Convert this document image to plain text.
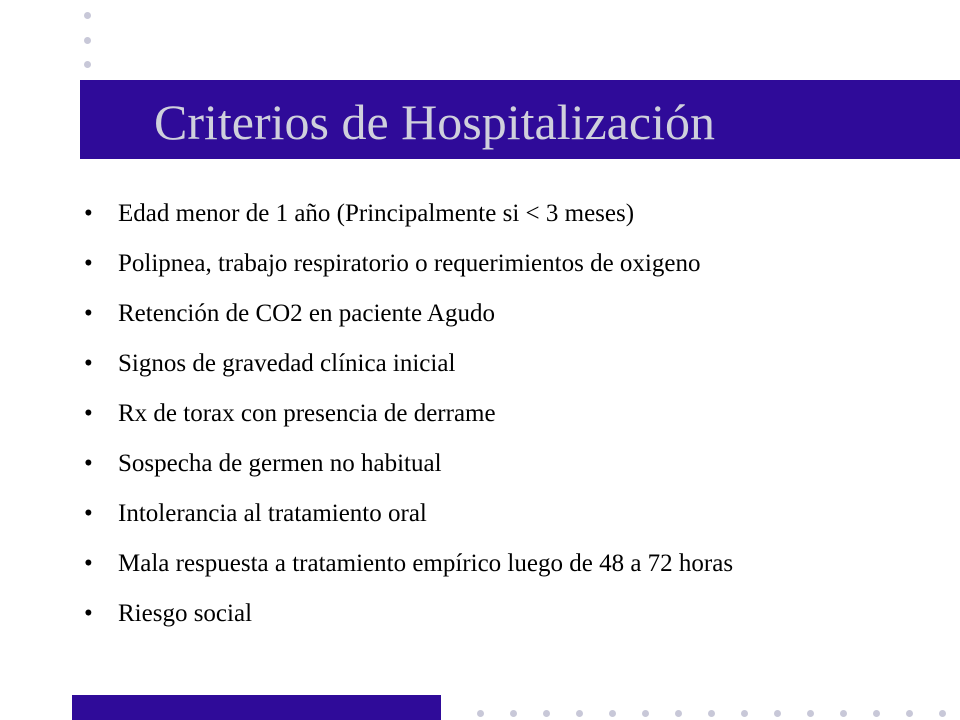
Criterios de Hospitalización
• Edad menor de 1 año (Principalmente si < 3 meses)
• Polipnea, trabajo respiratorio o requerimientos de oxigeno
• Retención de CO2 en paciente Agudo
• Signos de gravedad clínica inicial
• Rx de torax con presencia de derrame
• Sospecha de germen no habitual
• Intolerancia al tratamiento oral
• Mala respuesta a tratamiento empírico luego de 48 a 72 horas
• Riesgo social
